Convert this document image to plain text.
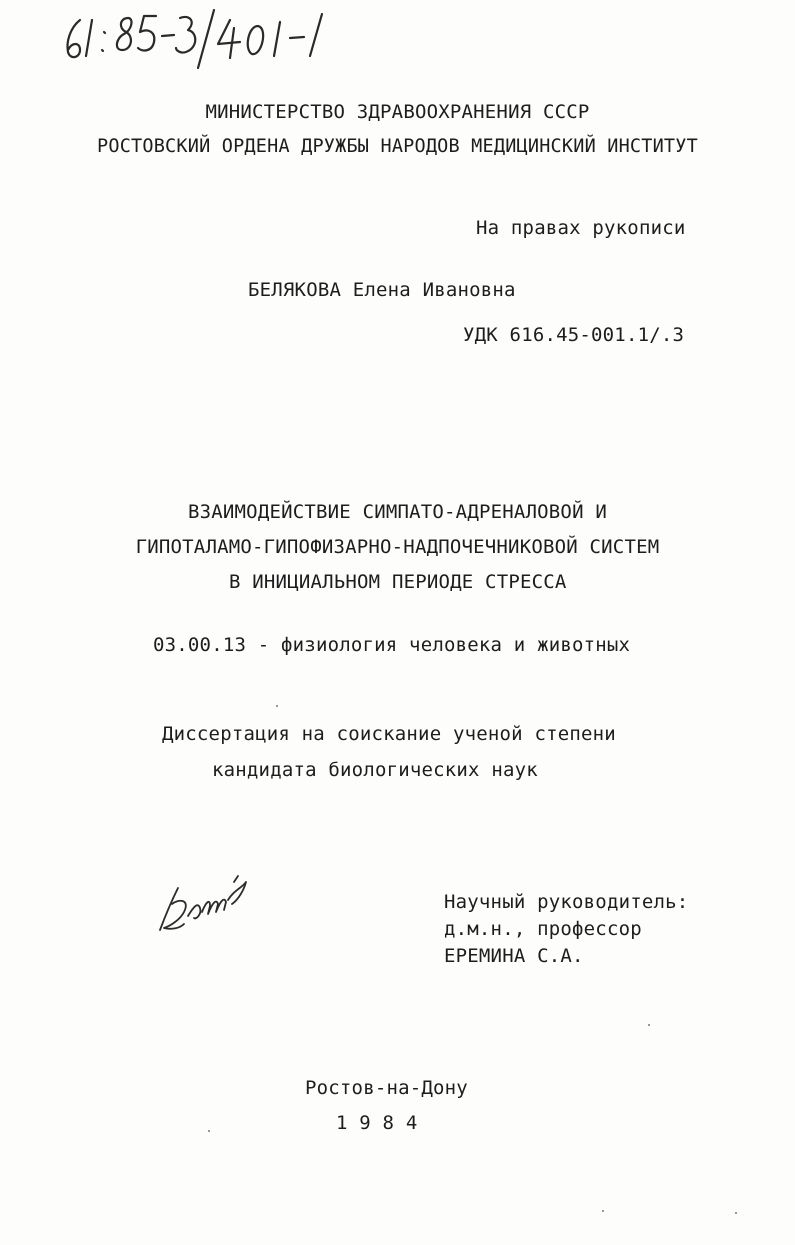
МИНИСТЕРСТВО ЗДРАВООХРАНЕНИЯ СССР
РОСТОВСКИЙ ОРДЕНА ДРУЖБЫ НАРОДОВ МЕДИЦИНСКИЙ ИНСТИТУТ
На правах рукописи
БЕЛЯКОВА Елена Ивановна
УДК 616.45-001.1/.3
ВЗАИМОДЕЙСТВИЕ СИМПАТО-АДРЕНАЛОВОЙ И
ГИПОТАЛАМО-ГИПОФИЗАРНО-НАДПОЧЕЧНИКОВОЙ СИСТЕМ
В ИНИЦИАЛЬНОМ ПЕРИОДЕ СТРЕССА
03.00.13 - физиология человека и животных
Диссертация на соискание ученой степени
кандидата биологических наук
Научный руководитель:
д.м.н., профессор
ЕРЕМИНА С.А.
Ростов-на-Дону
1 9 8 4
